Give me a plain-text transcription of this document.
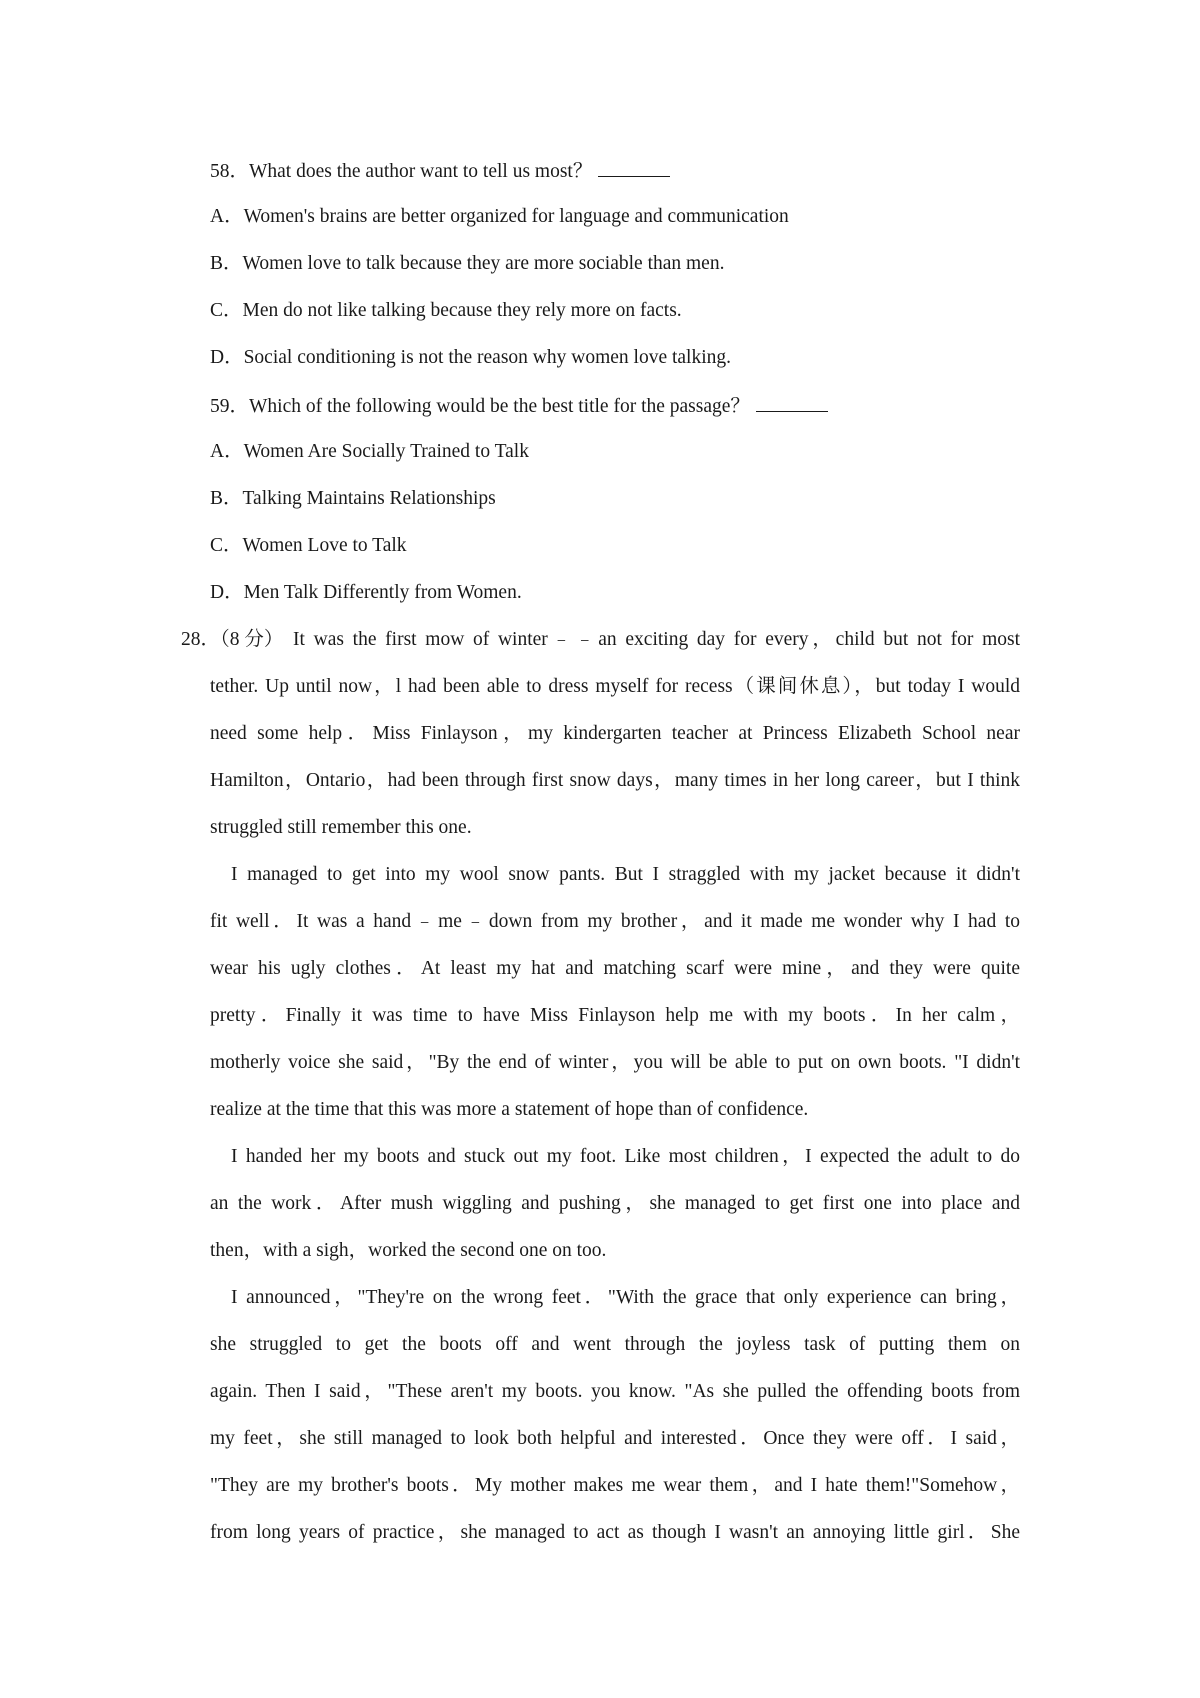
58．What does the author want to tell us most？
A．Women's brains are better organized for language and communication
B．Women love to talk because they are more sociable than men.
C．Men do not like talking because they rely more on facts.
D．Social conditioning is not the reason why women love talking.
59．Which of the following would be the best title for the passage？
A．Women Are Socially Trained to Talk
B．Talking Maintains Relationships
C．Women Love to Talk
D．Men Talk Differently from Women.
28．（8 分） It was the first mow of winter﹣﹣an exciting day for every，child but not for most
tether. Up until now，l had been able to dress myself for recess（课间休息），but today I would
need some help．Miss Finlayson，my kindergarten teacher at Princess Elizabeth School near
Hamilton，Ontario，had been through first snow days，many times in her long career，but I think
struggled still remember this one.
I managed to get into my wool snow pants. But I straggled with my jacket because it didn't
fit well．It was a hand﹣me﹣down from my brother，and it made me wonder why I had to
wear his ugly clothes．At least my hat and matching scarf were mine，and they were quite
pretty．Finally it was time to have Miss Finlayson help me with my boots．In her calm，
motherly voice she said，"By the end of winter，you will be able to put on own boots. "I didn't
realize at the time that this was more a statement of hope than of confidence.
I handed her my boots and stuck out my foot. Like most children，I expected the adult to do
an the work．After mush wiggling and pushing，she managed to get first one into place and
then，with a sigh，worked the second one on too.
I announced，"They're on the wrong feet．"With the grace that only experience can bring，
she struggled to get the boots off and went through the joyless task of putting them on
again. Then I said，"These aren't my boots. you know. "As she pulled the offending boots from
my feet，she still managed to look both helpful and interested．Once they were off．I said，
"They are my brother's boots．My mother makes me wear them，and I hate them!"Somehow，
from long years of practice，she managed to act as though I wasn't an annoying little girl．She
